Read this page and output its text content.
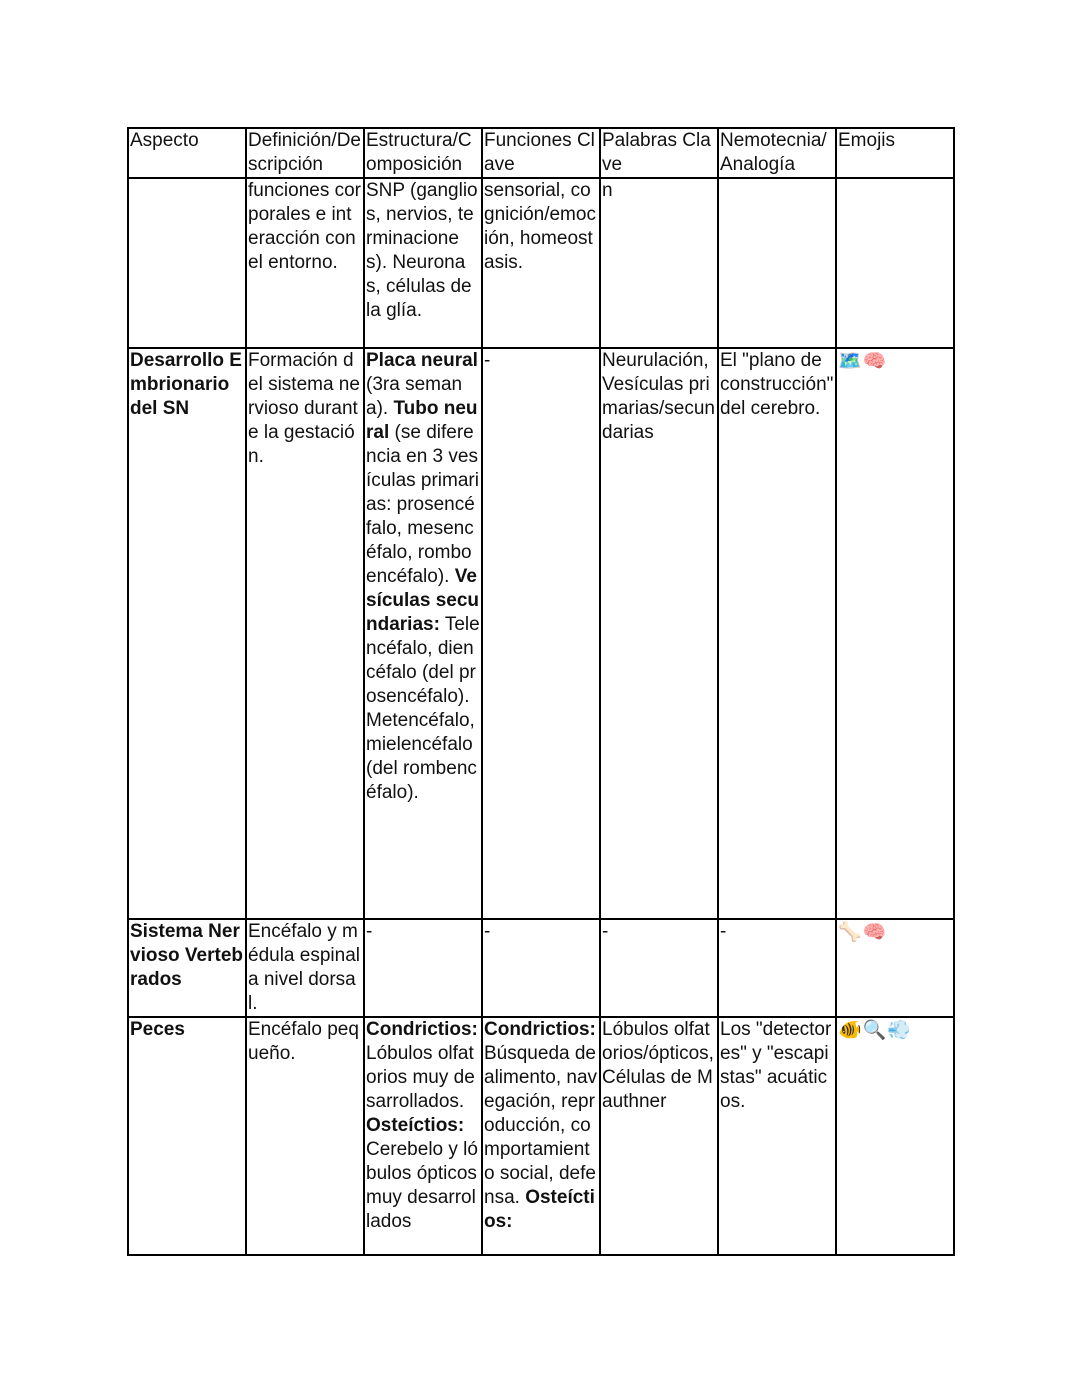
Aspecto	Definición/Descripción	Estructura/Composición	Funciones Clave	Palabras Clave	Nemotecnia/ Analogía	Emojis
	funciones corporales e interacción con el entorno.	SNP (ganglios, nervios, terminaciones). Neuronas, células de la glía.	sensorial, cognición/emoción, homeostasis.	n		
Desarrollo Embrionario del SN	Formación del sistema nervioso durante la gestación.	Placa neural (3ra semana). Tubo neural (se diferencia en 3 vesículas primarias: prosencéfalo, mesencéfalo, romboencéfalo). Vesículas secundarias: Telencéfalo, diencéfalo (del prosencéfalo). Metencéfalo, mielencéfalo (del rombencéfalo).	-	Neurulación, Vesículas primarias/secundarias	El "plano de construcción" del cerebro.	🗺️🧠
Sistema Nervioso Vertebrados	Encéfalo y médula espinal a nivel dorsal.	-	-	-	-	🦴🧠
Peces	Encéfalo pequeño.	Condrictios: Lóbulos olfatorios muy desarrollados. Osteíctios: Cerebelo y lóbulos ópticos muy desarrollados	Condrictios: Búsqueda de alimento, navegación, reproducción, comportamiento social, defensa. Osteíctios:	Lóbulos olfatorios/ópticos, Células de Mauthner	Los "detectores" y "escapistas" acuáticos.	🐠🔍💨
